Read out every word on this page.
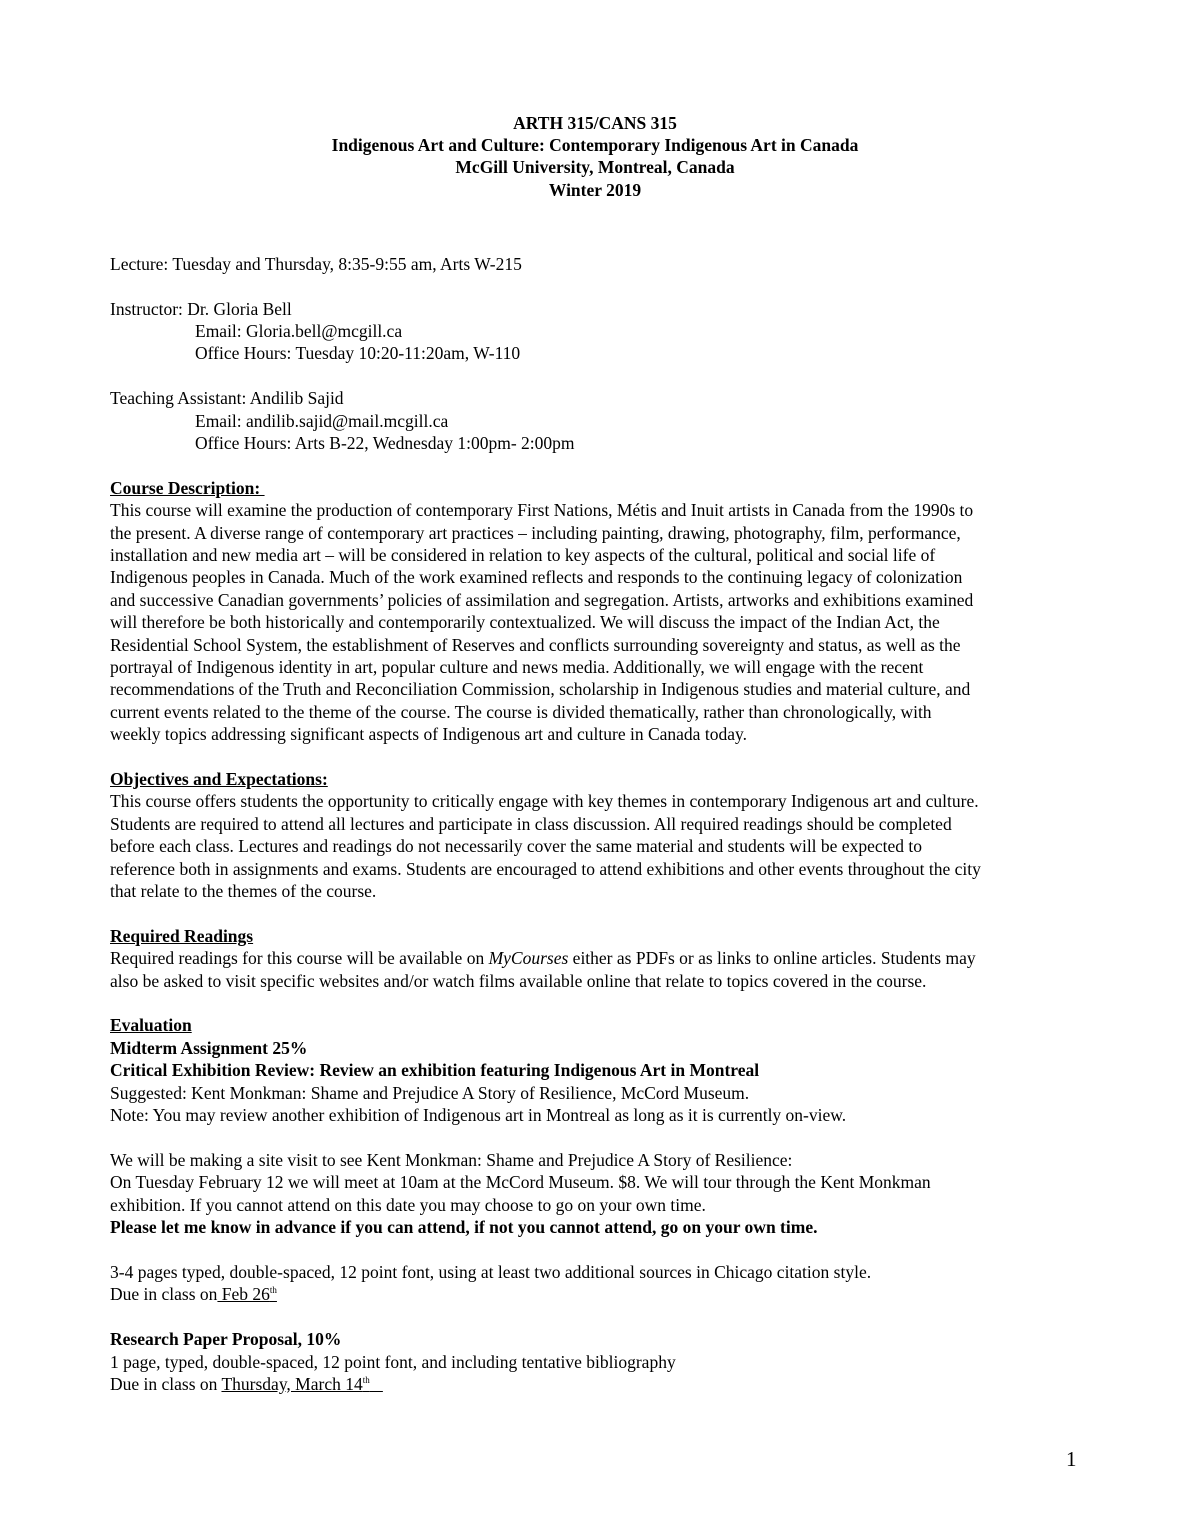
ARTH 315/CANS 315
Indigenous Art and Culture: Contemporary Indigenous Art in Canada
McGill University, Montreal, Canada
Winter 2019

Lecture: Tuesday and Thursday, 8:35-9:55 am, Arts W-215

Instructor: Dr. Gloria Bell

Email: Gloria.bell@mcgill.ca

Office Hours: Tuesday 10:20-11:20am, W-110

Teaching Assistant: Andilib Sajid

Email: andilib.sajid@mail.mcgill.ca

Office Hours: Arts B-22, Wednesday 1:00pm- 2:00pm

Course Description:

This course will examine the production of contemporary First Nations, Métis and Inuit artists in Canada from the 1990s to

the present. A diverse range of contemporary art practices – including painting, drawing, photography, film, performance,

installation and new media art – will be considered in relation to key aspects of the cultural, political and social life of

Indigenous peoples in Canada. Much of the work examined reflects and responds to the continuing legacy of colonization

and successive Canadian governments’ policies of assimilation and segregation. Artists, artworks and exhibitions examined

will therefore be both historically and contemporarily contextualized. We will discuss the impact of the Indian Act, the

Residential School System, the establishment of Reserves and conflicts surrounding sovereignty and status, as well as the

portrayal of Indigenous identity in art, popular culture and news media. Additionally, we will engage with the recent

recommendations of the Truth and Reconciliation Commission, scholarship in Indigenous studies and material culture, and

current events related to the theme of the course. The course is divided thematically, rather than chronologically, with

weekly topics addressing significant aspects of Indigenous art and culture in Canada today.

Objectives and Expectations:

This course offers students the opportunity to critically engage with key themes in contemporary Indigenous art and culture.

Students are required to attend all lectures and participate in class discussion. All required readings should be completed

before each class. Lectures and readings do not necessarily cover the same material and students will be expected to

reference both in assignments and exams. Students are encouraged to attend exhibitions and other events throughout the city

that relate to the themes of the course.

Required Readings

Required readings for this course will be available on MyCourses either as PDFs or as links to online articles. Students may

also be asked to visit specific websites and/or watch films available online that relate to topics covered in the course.

Evaluation

Midterm Assignment 25%

Critical Exhibition Review: Review an exhibition featuring Indigenous Art in Montreal

Suggested: Kent Monkman: Shame and Prejudice A Story of Resilience, McCord Museum.

Note: You may review another exhibition of Indigenous art in Montreal as long as it is currently on-view.

We will be making a site visit to see Kent Monkman: Shame and Prejudice A Story of Resilience:

On Tuesday February 12 we will meet at 10am at the McCord Museum. $8. We will tour through the Kent Monkman

exhibition. If you cannot attend on this date you may choose to go on your own time.

Please let me know in advance if you can attend, if not you cannot attend, go on your own time.

3-4 pages typed, double-spaced, 12 point font, using at least two additional sources in Chicago citation style.

Due in class on Feb 26th

Research Paper Proposal, 10%

1 page, typed, double-spaced, 12 point font, and including tentative bibliography

Due in class on Thursday, March 14th

1
